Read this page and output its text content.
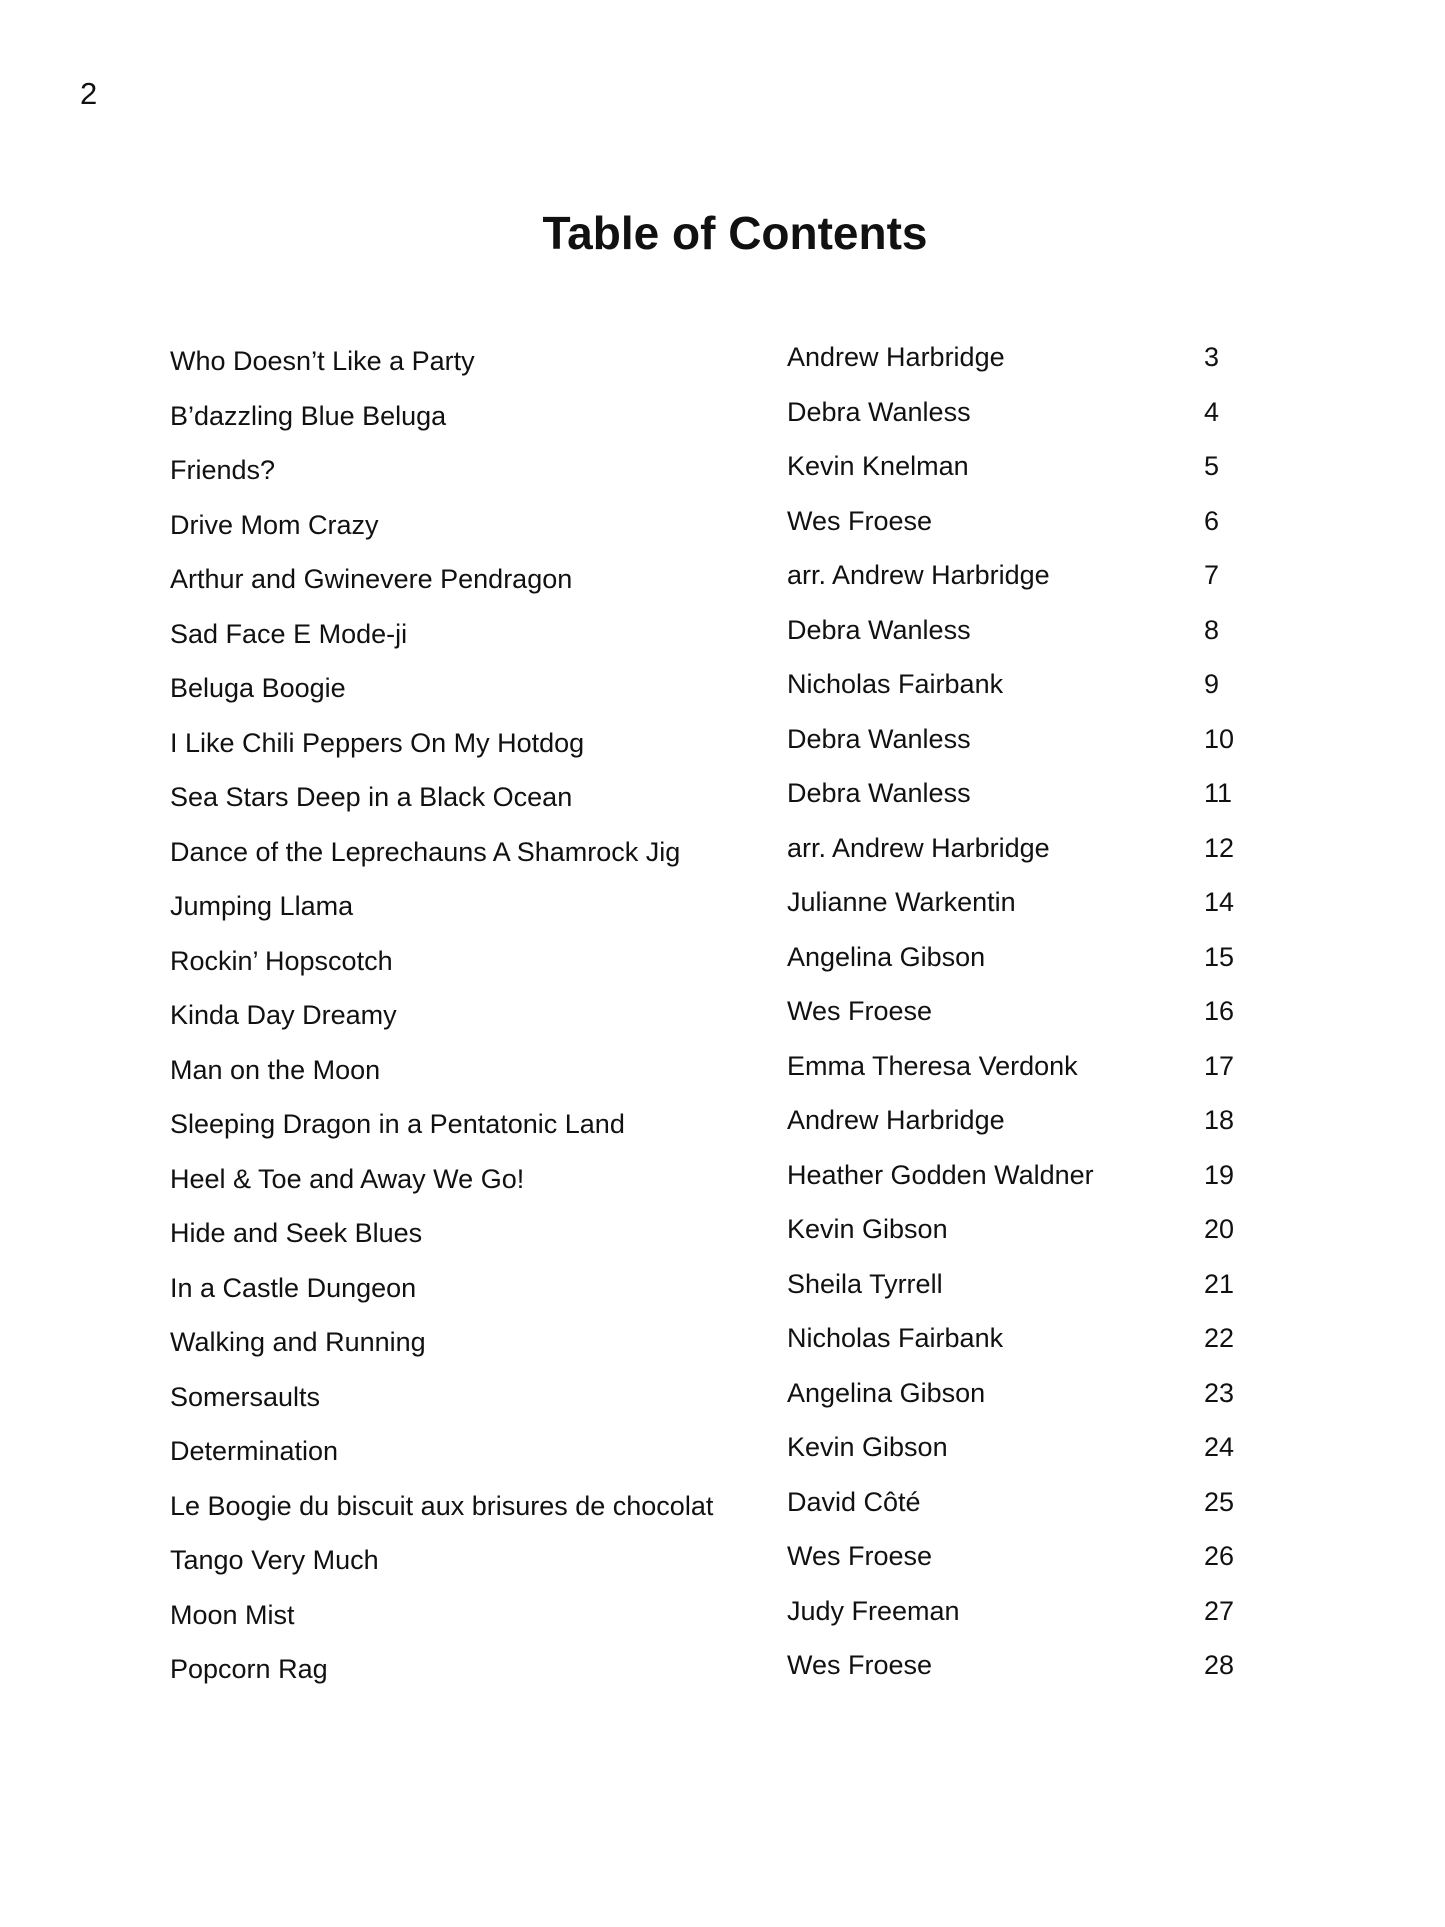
2
Table of Contents
Who Doesn’t Like a Party	Andrew Harbridge	3
B’dazzling Blue Beluga	Debra Wanless	4
Friends?	Kevin Knelman	5
Drive Mom Crazy	Wes Froese	6
Arthur and Gwinevere Pendragon	arr. Andrew Harbridge	7
Sad Face E Mode-ji	Debra Wanless	8
Beluga Boogie	Nicholas Fairbank	9
I Like Chili Peppers On My Hotdog	Debra Wanless	10
Sea Stars Deep in a Black Ocean	Debra Wanless	11
Dance of the Leprechauns A Shamrock Jig	arr. Andrew Harbridge	12
Jumping Llama	Julianne Warkentin	14
Rockin’ Hopscotch	Angelina Gibson	15
Kinda Day Dreamy	Wes Froese	16
Man on the Moon	Emma Theresa Verdonk	17
Sleeping Dragon in a Pentatonic Land	Andrew Harbridge	18
Heel & Toe and Away We Go!	Heather Godden Waldner	19
Hide and Seek Blues	Kevin Gibson	20
In a Castle Dungeon	Sheila Tyrrell	21
Walking and Running	Nicholas Fairbank	22
Somersaults	Angelina Gibson	23
Determination	Kevin Gibson	24
Le Boogie du biscuit aux brisures de chocolat	David Côté	25
Tango Very Much	Wes Froese	26
Moon Mist	Judy Freeman	27
Popcorn Rag	Wes Froese	28
